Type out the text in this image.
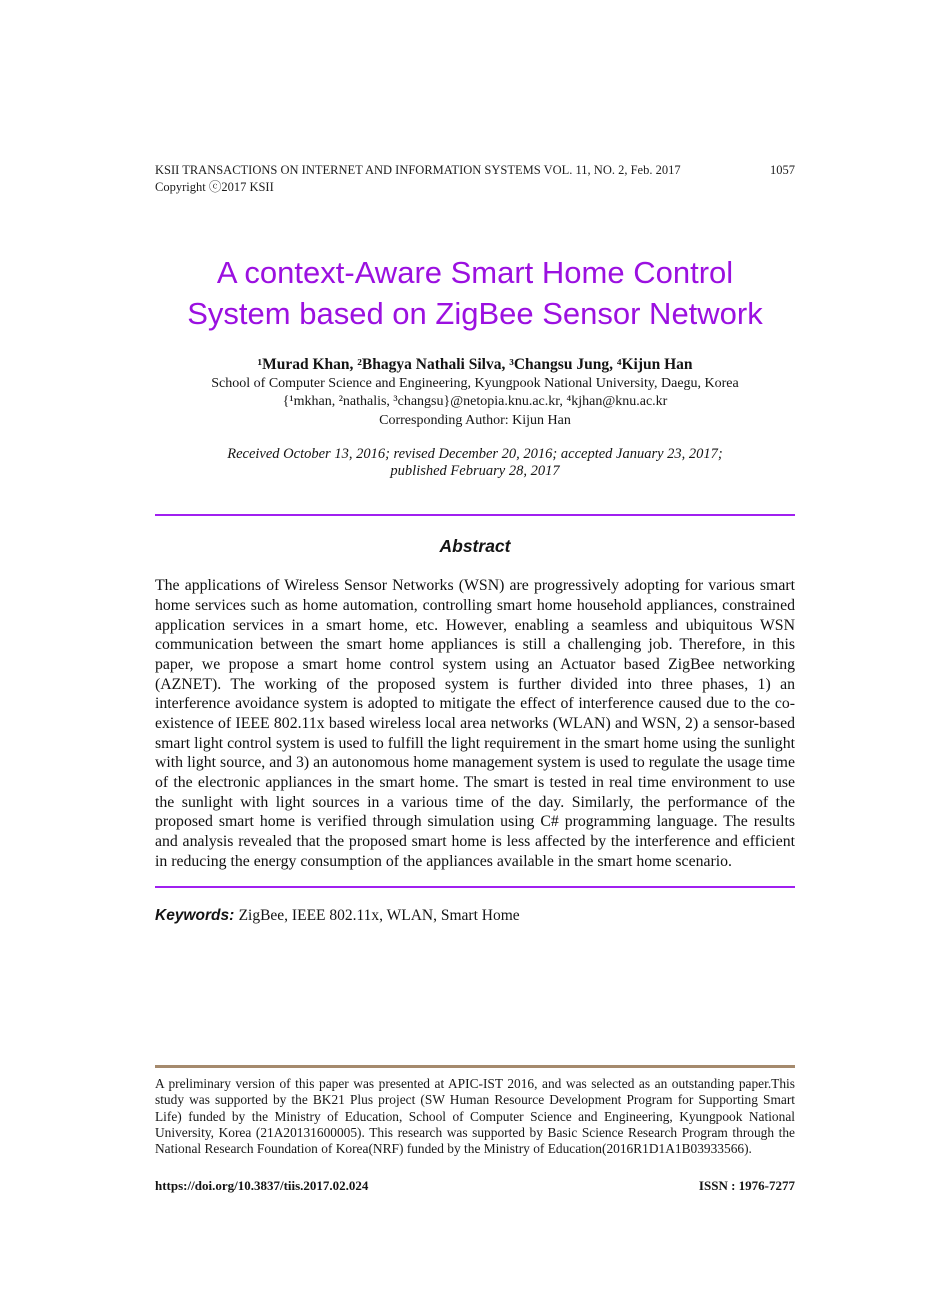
KSII TRANSACTIONS ON INTERNET AND INFORMATION SYSTEMS VOL. 11, NO. 2, Feb. 2017	1057
Copyright ⓒ2017 KSII
A context-Aware Smart Home Control
System based on ZigBee Sensor Network
¹Murad Khan, ²Bhagya Nathali Silva, ³Changsu Jung, ⁴Kijun Han
School of Computer Science and Engineering, Kyungpook National University, Daegu, Korea
{¹mkhan, ²nathalis, ³changsu}@netopia.knu.ac.kr, ⁴kjhan@knu.ac.kr
Corresponding Author: Kijun Han
Received October 13, 2016; revised December 20, 2016; accepted January 23, 2017;
published February 28, 2017
Abstract
The applications of Wireless Sensor Networks (WSN) are progressively adopting for various smart home services such as home automation, controlling smart home household appliances, constrained application services in a smart home, etc. However, enabling a seamless and ubiquitous WSN communication between the smart home appliances is still a challenging job. Therefore, in this paper, we propose a smart home control system using an Actuator based ZigBee networking (AZNET). The working of the proposed system is further divided into three phases, 1) an interference avoidance system is adopted to mitigate the effect of interference caused due to the co-existence of IEEE 802.11x based wireless local area networks (WLAN) and WSN, 2) a sensor-based smart light control system is used to fulfill the light requirement in the smart home using the sunlight with light source, and 3) an autonomous home management system is used to regulate the usage time of the electronic appliances in the smart home. The smart is tested in real time environment to use the sunlight with light sources in a various time of the day. Similarly, the performance of the proposed smart home is verified through simulation using C# programming language. The results and analysis revealed that the proposed smart home is less affected by the interference and efficient in reducing the energy consumption of the appliances available in the smart home scenario.
Keywords: ZigBee, IEEE 802.11x, WLAN, Smart Home
A preliminary version of this paper was presented at APIC-IST 2016, and was selected as an outstanding paper.This study was supported by the BK21 Plus project (SW Human Resource Development Program for Supporting Smart Life) funded by the Ministry of Education, School of Computer Science and Engineering, Kyungpook National University, Korea (21A20131600005). This research was supported by Basic Science Research Program through the National Research Foundation of Korea(NRF) funded by the Ministry of Education(2016R1D1A1B03933566).
https://doi.org/10.3837/tiis.2017.02.024	ISSN : 1976-7277
